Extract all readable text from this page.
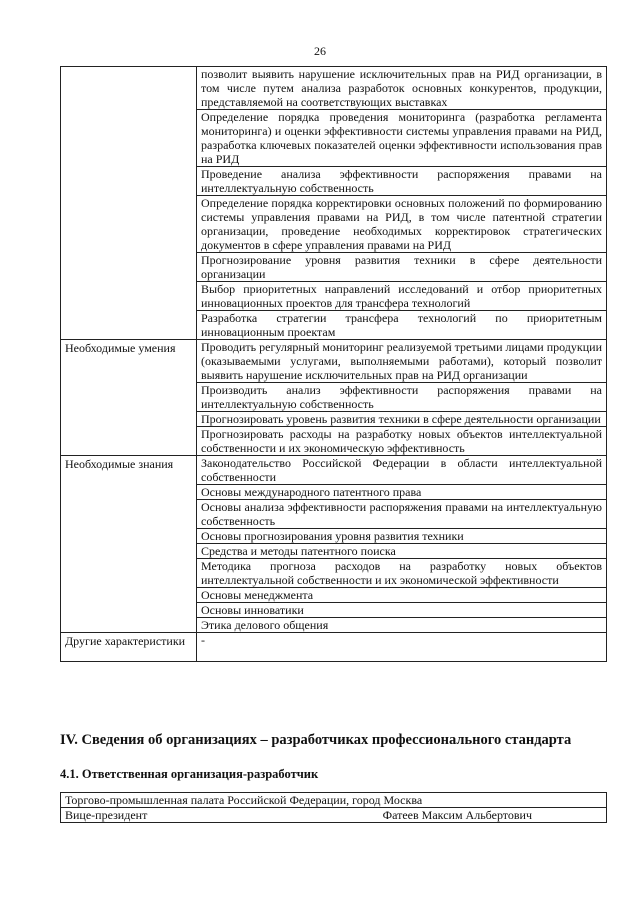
26
	позволит выявить нарушение исключительных прав на РИД организации, в том числе путем анализа разработок основных конкурентов, продукции, представляемой на соответствующих выставках
	Определение порядка проведения мониторинга (разработка регламента мониторинга) и оценки эффективности системы управления правами на РИД, разработка ключевых показателей оценки эффективности использования прав на РИД
	Проведение анализа эффективности распоряжения правами на интеллектуальную собственность
	Определение порядка корректировки основных положений по формированию системы управления правами на РИД, в том числе патентной стратегии организации, проведение необходимых корректировок стратегических документов в сфере управления правами на РИД
	Прогнозирование уровня развития техники в сфере деятельности организации
	Выбор приоритетных направлений исследований и отбор приоритетных инновационных проектов для трансфера технологий
	Разработка стратегии трансфера технологий по приоритетным инновационным проектам
Необходимые умения	Проводить регулярный мониторинг реализуемой третьими лицами продукции (оказываемыми услугами, выполняемыми работами), который позволит выявить нарушение исключительных прав на РИД организации
	Производить анализ эффективности распоряжения правами на интеллектуальную собственность
	Прогнозировать уровень развития техники в сфере деятельности организации
	Прогнозировать расходы на разработку новых объектов интеллектуальной собственности и их экономическую эффективность
Необходимые знания	Законодательство Российской Федерации в области интеллектуальной собственности
	Основы международного патентного права
	Основы анализа эффективности распоряжения правами на интеллектуальную собственность
	Основы прогнозирования уровня развития техники
	Средства и методы патентного поиска
	Методика прогноза расходов на разработку новых объектов интеллектуальной собственности и их экономической эффективности
	Основы менеджмента
	Основы инноватики
	Этика делового общения
Другие характеристики	-
IV. Сведения об организациях – разработчиках профессионального стандарта
4.1. Ответственная организация-разработчик
Торгово-промышленная палата Российской Федерации, город Москва

Вице-президент	Фатеев Максим Альбертович
